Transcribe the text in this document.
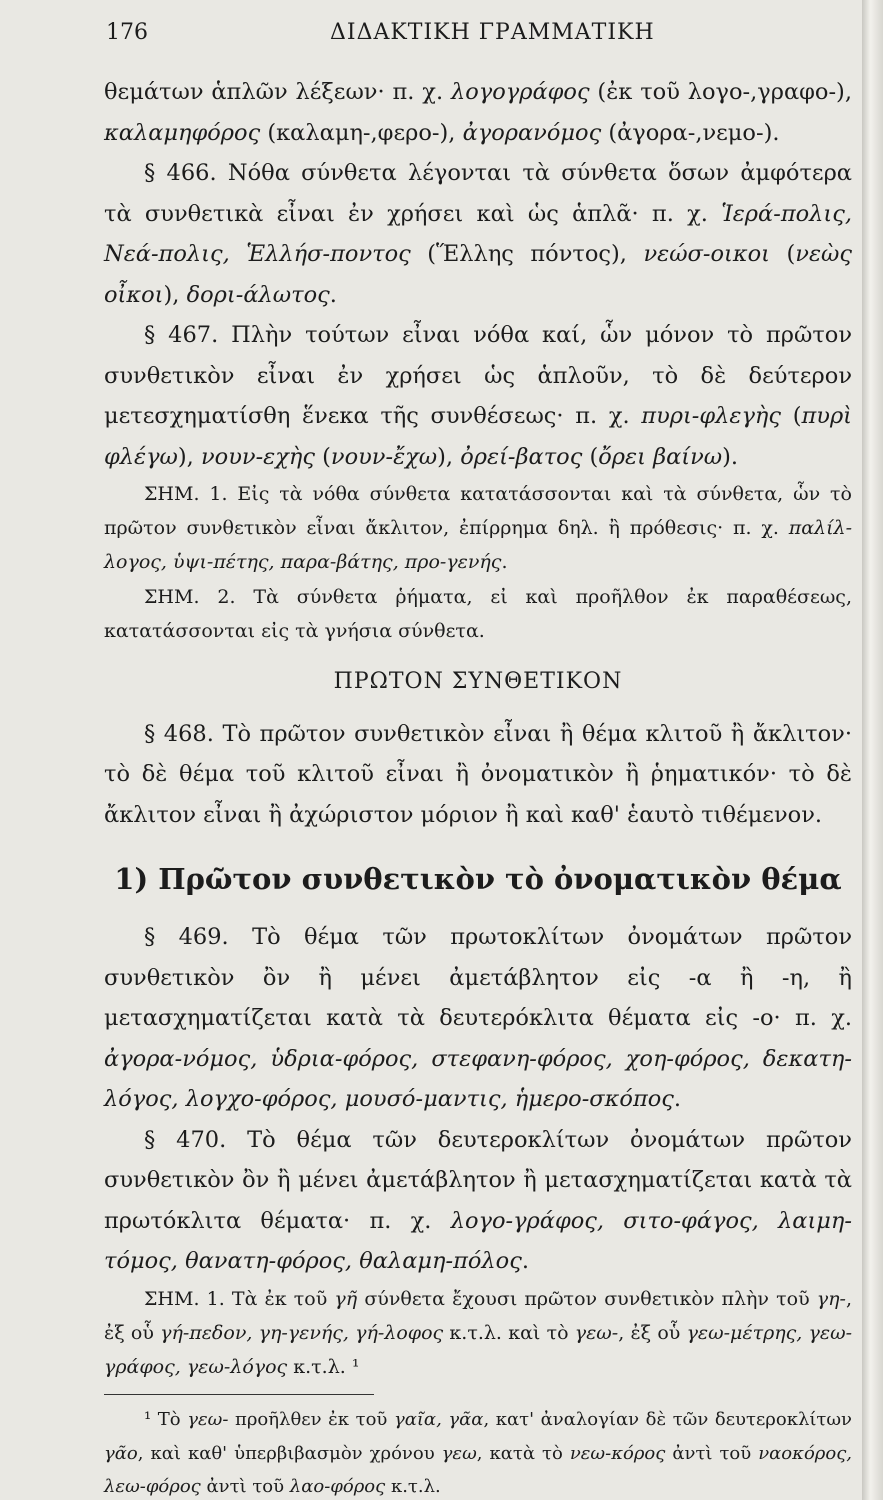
176	ΔΙΔΑΚΤΙΚΗ ΓΡΑΜΜΑΤΙΚΗ

θεμάτων ἁπλῶν λέξεων· π. χ. λογογράφος (ἐκ τοῦ λογο-,γραφο-), καλαμηφόρος (καλαμη-,φερο-), ἀγορανόμος (ἀγορα-,νεμο-).

§ 466. Νόθα σύνθετα λέγονται τὰ σύνθετα ὅσων ἀμφότερα τὰ συνθετικὰ εἶναι ἐν χρήσει καὶ ὡς ἁπλᾶ· π. χ. Ἱερά-πολις, Νεά-πολις, Ἑλλήσ-ποντος (Ἕλλης πόντος), νεώσ-οικοι (νεὼς οἶκοι), δορι-άλωτος.

§ 467. Πλὴν τούτων εἶναι νόθα καί, ὧν μόνον τὸ πρῶτον συνθετικὸν εἶναι ἐν χρήσει ὡς ἁπλοῦν, τὸ δὲ δεύτερον μετεσχηματίσθη ἕνεκα τῆς συνθέσεως· π. χ. πυρι-φλεγὴς (πυρὶ φλέγω), νουν-εχὴς (νουν-ἔχω), ὀρεί-βατος (ὄρει βαίνω).

ΣΗΜ. 1. Εἰς τὰ νόθα σύνθετα κατατάσσονται καὶ τὰ σύνθετα, ὧν τὸ πρῶτον συνθετικὸν εἶναι ἄκλιτον, ἐπίρρημα δηλ. ἢ πρόθεσις· π. χ. παλίλ-λογος, ὑψι-πέτης, παρα-βάτης, προ-γενής.

ΣΗΜ. 2. Τὰ σύνθετα ῥήματα, εἰ καὶ προῆλθον ἐκ παραθέσεως, κατατάσσονται εἰς τὰ γνήσια σύνθετα.

ΠΡΩΤΟΝ ΣΥΝΘΕΤΙΚΟΝ

§ 468. Τὸ πρῶτον συνθετικὸν εἶναι ἢ θέμα κλιτοῦ ἢ ἄκλιτον· τὸ δὲ θέμα τοῦ κλιτοῦ εἶναι ἢ ὀνοματικὸν ἢ ῥηματικόν· τὸ δὲ ἄκλιτον εἶναι ἢ ἀχώριστον μόριον ἢ καὶ καθ' ἑαυτὸ τιθέμενον.

1) Πρῶτον συνθετικὸν τὸ ὀνοματικὸν θέμα

§ 469. Τὸ θέμα τῶν πρωτοκλίτων ὀνομάτων πρῶτον συνθετικὸν ὂν ἢ μένει ἀμετάβλητον εἰς -α ἢ -η, ἢ μετασχηματίζεται κατὰ τὰ δευτερόκλιτα θέματα εἰς -ο· π. χ. ἀγορα-νόμος, ὑδρια-φόρος, στεφανη-φόρος, χοη-φόρος, δεκατη-λόγος, λογχο-φόρος, μουσό-μαντις, ἡμερο-σκόπος.

§ 470. Τὸ θέμα τῶν δευτεροκλίτων ὀνομάτων πρῶτον συνθετικὸν ὂν ἢ μένει ἀμετάβλητον ἢ μετασχηματίζεται κατὰ τὰ πρωτόκλιτα θέματα· π. χ. λογο-γράφος, σιτο-φάγος, λαιμη-τόμος, θανατη-φόρος, θαλαμη-πόλος.

ΣΗΜ. 1. Τὰ ἐκ τοῦ γῆ σύνθετα ἔχουσι πρῶτον συνθετικὸν πλὴν τοῦ γη-, ἐξ οὗ γή-πεδον, γη-γενής, γή-λοφος κ.τ.λ. καὶ τὸ γεω-, ἐξ οὗ γεω-μέτρης, γεω-γράφος, γεω-λόγος κ.τ.λ. ¹

¹ Τὸ γεω- προῆλθεν ἐκ τοῦ γαῖα, γᾶα, κατ' ἀναλογίαν δὲ τῶν δευτεροκλίτων γᾶο, καὶ καθ' ὑπερβιβασμὸν χρόνου γεω, κατὰ τὸ νεω-κόρος ἀντὶ τοῦ ναοκόρος, λεω-φόρος ἀντὶ τοῦ λαο-φόρος κ.τ.λ.
